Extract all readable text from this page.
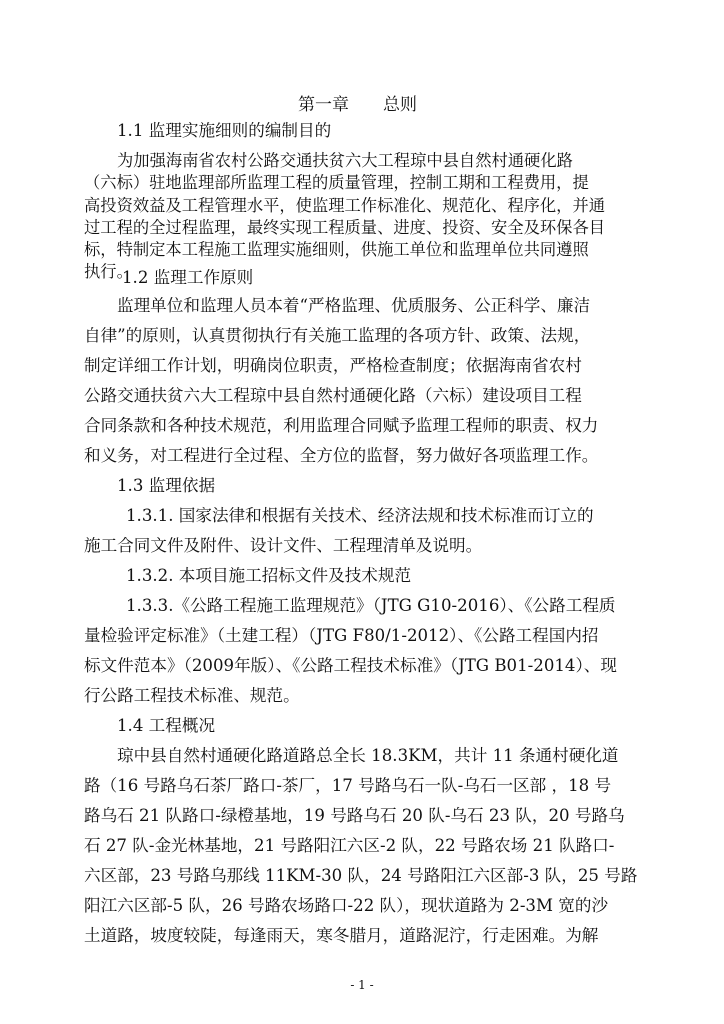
第一章 总则
1.1 监理实施细则的编制目的
为加强海南省农村公路交通扶贫六大工程琼中县自然村通硬化路
（六标）驻地监理部所监理工程的质量管理，控制工期和工程费用，提
高投资效益及工程管理水平，使监理工作标准化、规范化、程序化，并通
过工程的全过程监理，最终实现工程质量、进度、投资、安全及环保各目
标，特制定本工程施工监理实施细则，供施工单位和监理单位共同遵照
执行。
1.2 监理工作原则
监理单位和监理人员本着“严格监理、优质服务、公正科学、廉洁
自律”的原则，认真贯彻执行有关施工监理的各项方针、政策、法规，
制定详细工作计划，明确岗位职责，严格检查制度；依据海南省农村
公路交通扶贫六大工程琼中县自然村通硬化路（六标）建设项目工程
合同条款和各种技术规范，利用监理合同赋予监理工程师的职责、权力
和义务，对工程进行全过程、全方位的监督，努力做好各项监理工作。
1.3 监理依据
1.3.1. 国家法律和根据有关技术、经济法规和技术标准而订立的
施工合同文件及附件、设计文件、工程理清单及说明。
1.3.2. 本项目施工招标文件及技术规范
1.3.3.《公路工程施工监理规范》（JTG G10-2016）、《公路工程质
量检验评定标准》（土建工程）（JTG F80/1-2012）、《公路工程国内招
标文件范本》（2009年版）、《公路工程技术标准》（JTG B01-2014）、现
行公路工程技术标准、规范。
1.4 工程概况
琼中县自然村通硬化路道路总全长 18.3KM，共计 11 条通村硬化道
路（16 号路乌石茶厂路口-茶厂，17 号路乌石一队-乌石一区部 ，18 号
路乌石 21 队路口-绿橙基地，19 号路乌石 20 队-乌石 23 队，20 号路乌
石 27 队-金光林基地，21 号路阳江六区-2 队，22 号路农场 21 队路口-
六区部，23 号路乌那线 11KM-30 队，24 号路阳江六区部-3 队，25 号路
阳江六区部-5 队，26 号路农场路口-22 队），现状道路为 2-3M 宽的沙
土道路，坡度较陡，每逢雨天，寒冬腊月，道路泥泞，行走困难。为解
- 1 -
